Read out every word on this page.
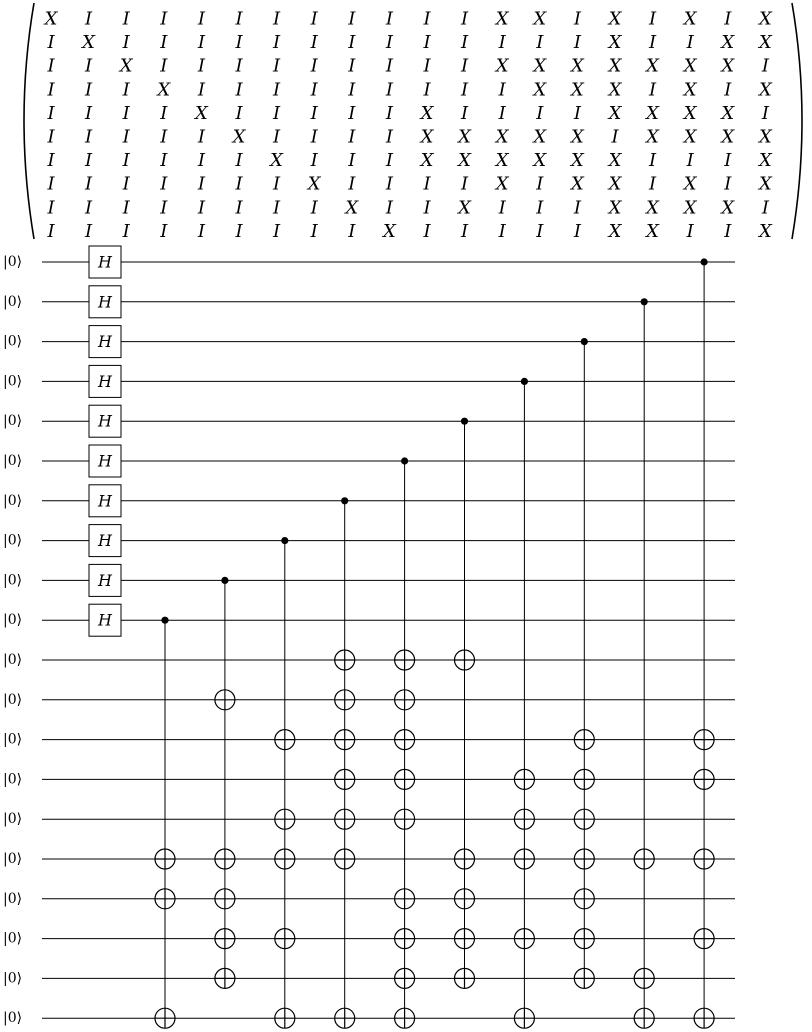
X I I I I I I I I I I I X X I X I X I X
I X I I I I I I I I I I I I I X I I X X
I I X I I I I I I I I I X X X X X X X I
I I I X I I I I I I I I I X X X I X I X
I I I I X I I I I I X I I I I X X X X I
I I I I I X I I I I X X X X X I X X X X
I I I I I I X I I I X X X X X X I I I X
I I I I I I I X I I I I X I X X I X I X
I I I I I I I I X I I X I I I X X X X I
I I I I I I I I I X I I I I I X X I I X
|0⟩
|0⟩
|0⟩
|0⟩
|0⟩
|0⟩
|0⟩
|0⟩
|0⟩
|0⟩
|0⟩
|0⟩
|0⟩
|0⟩
|0⟩
|0⟩
|0⟩
|0⟩
|0⟩
|0⟩
H
H
H
H
H
H
H
H
H
H
